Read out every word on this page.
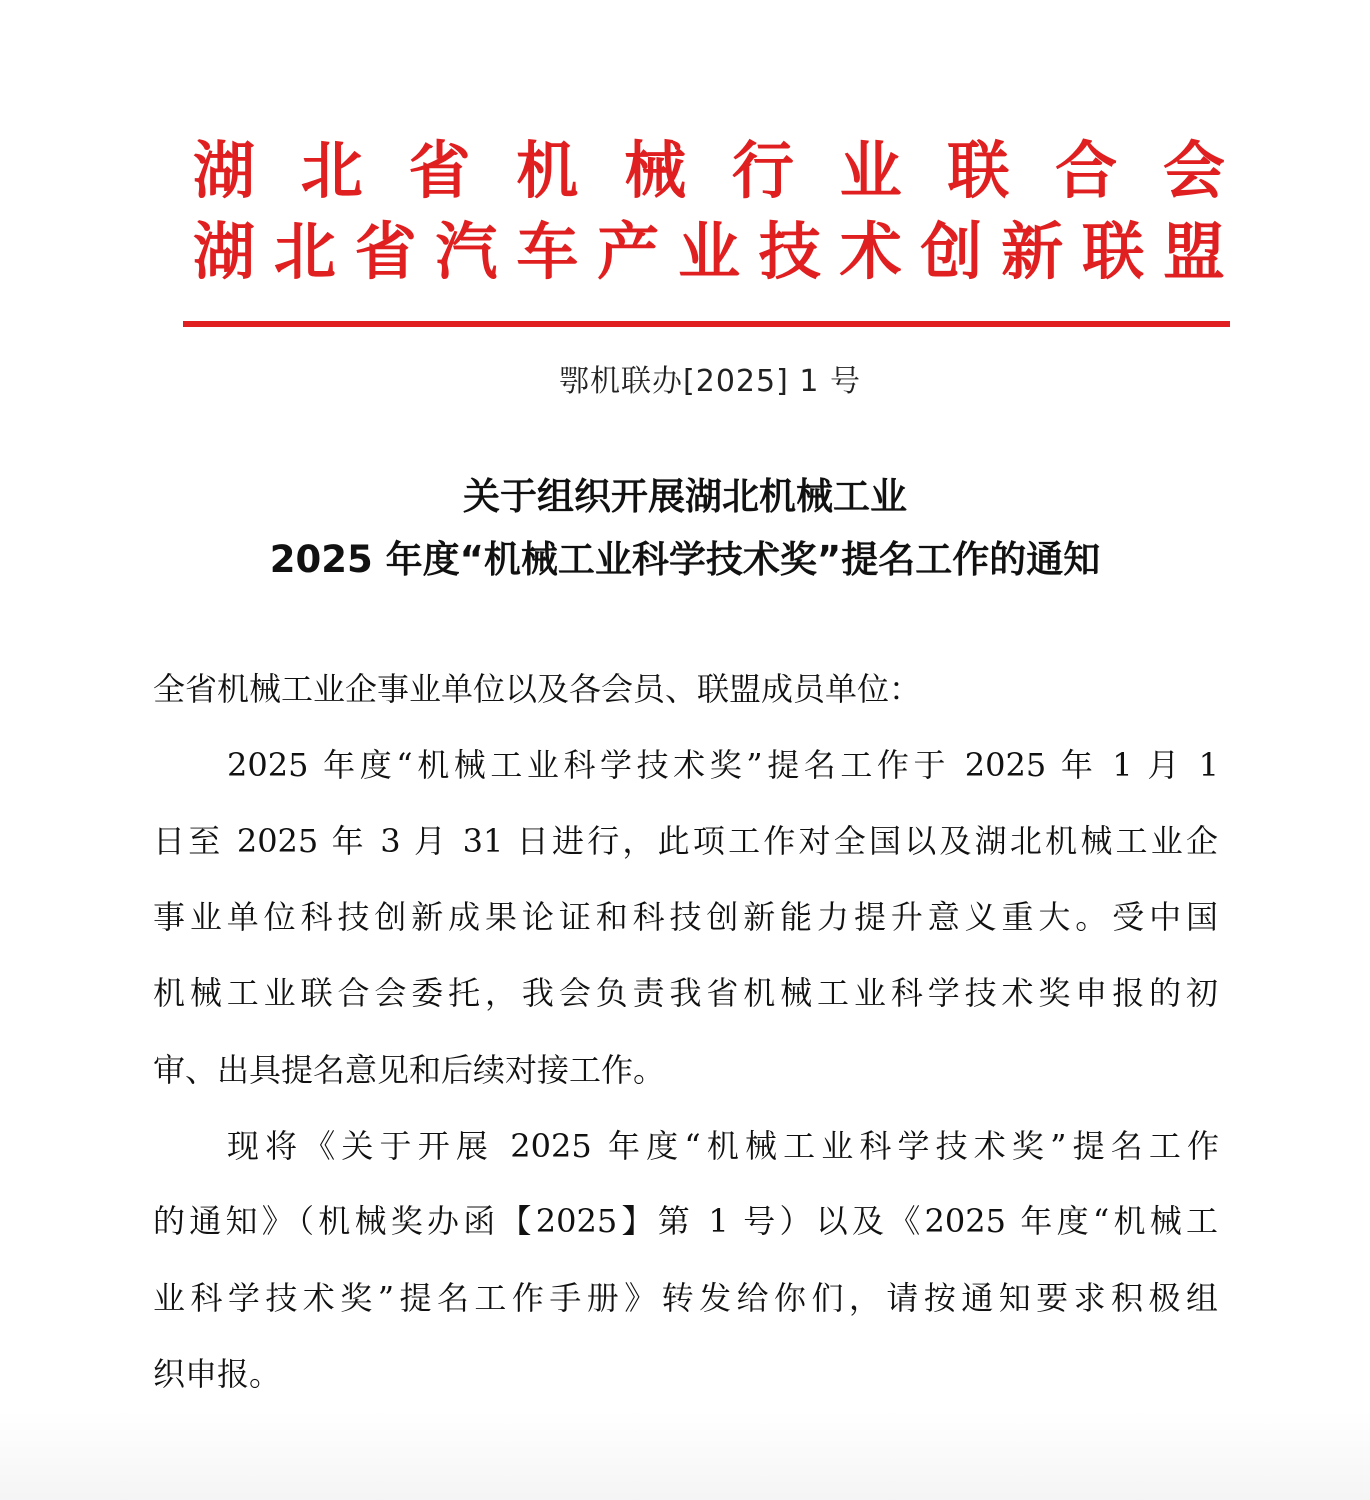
湖 北 省 机 械 行 业 联 合 会
湖 北 省 汽 车 产 业 技 术 创 新 联 盟
鄂机联办[2025] 1 号
关于组织开展湖北机械工业
2025 年度“机械工业科学技术奖”提名工作的通知
全省机械工业企事业单位以及各会员、联盟成员单位：
2025 年度“机械工业科学技术奖”提名工作于 2025 年 1 月 1
日至 2025 年 3 月 31 日进行，此项工作对全国以及湖北机械工业企
事业单位科技创新成果论证和科技创新能力提升意义重大。受中国
机械工业联合会委托，我会负责我省机械工业科学技术奖申报的初
审、出具提名意见和后续对接工作。
现将《关于开展 2025 年度“机械工业科学技术奖”提名工作
的通知》（机械奖办函【2025】第 1 号）以及《2025 年度“机械工
业科学技术奖”提名工作手册》转发给你们，请按通知要求积极组
织申报。
